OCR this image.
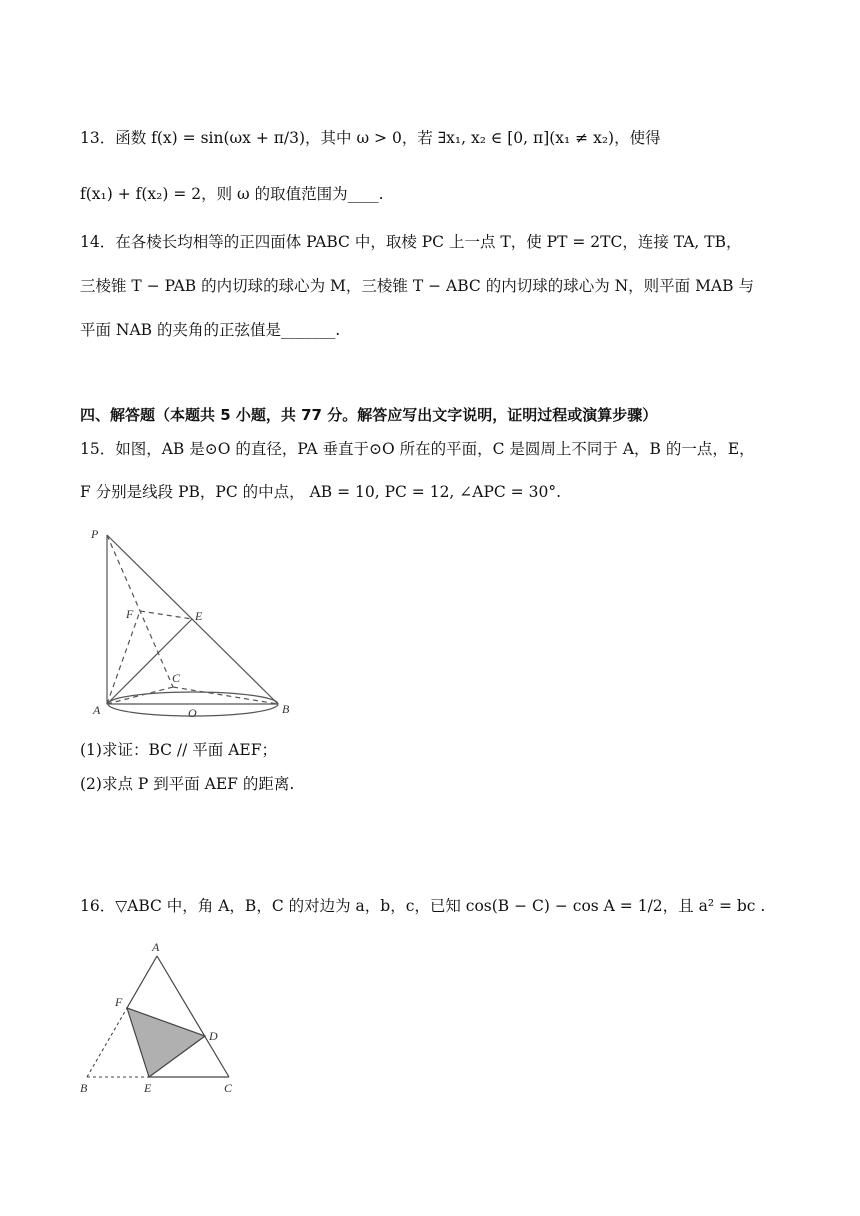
13．函数 f(x) = sin(ωx + π/3)，其中 ω > 0，若 ∃x₁, x₂ ∈ [0, π](x₁ ≠ x₂)，使得
f(x₁) + f(x₂) = 2，则 ω 的取值范围为____.
14．在各棱长均相等的正四面体 PABC 中，取棱 PC 上一点 T，使 PT = 2TC，连接 TA, TB，
三棱锥 T − PAB 的内切球的球心为 M，三棱锥 T − ABC 的内切球的球心为 N，则平面 MAB 与
平面 NAB 的夹角的正弦值是_______.
四、解答题（本题共 5 小题，共 77 分。解答应写出文字说明，证明过程或演算步骤）
15．如图，AB 是⊙O 的直径，PA 垂直于⊙O 所在的平面，C 是圆周上不同于 A，B 的一点，E，
F 分别是线段 PB，PC 的中点， AB = 10, PC = 12, ∠APC = 30°.
P
F	E
C
A	O	B
(1)求证：BC // 平面 AEF；
(2)求点 P 到平面 AEF 的距离.
16．▽ABC 中，角 A，B，C 的对边为 a，b，c，已知 cos(B − C) − cos A = 1/2，且 a² = bc .
A
F
D
B	E	C
